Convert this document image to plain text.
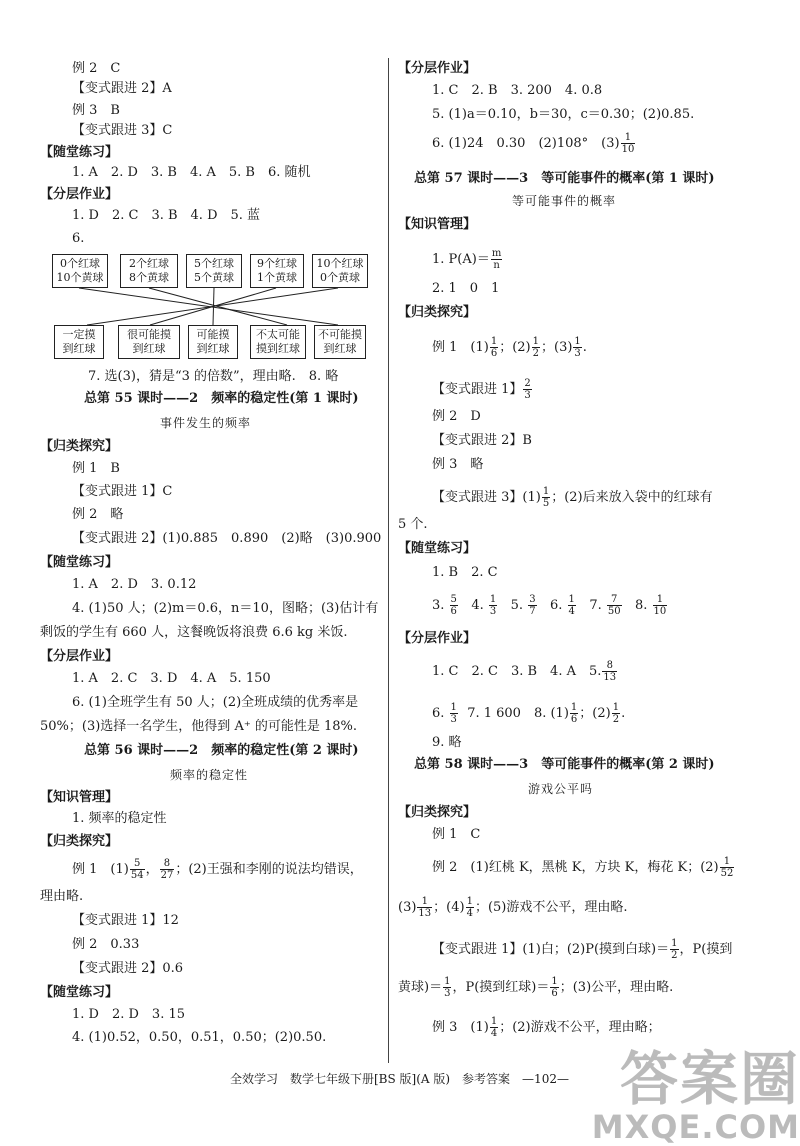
例 2　C
【变式跟进 2】A
例 3　B
【变式跟进 3】C
【随堂练习】
1. A　2. D　3. B　4. A　5. B　6. 随机
【分层作业】
1. D　2. C　3. B　4. D　5. 蓝
6.
0个红球
10个黄球
2个红球
8个黄球
5个红球
5个黄球
9个红球
1个黄球
10个红球
0个黄球
一定摸
到红球
很可能摸
到红球
可能摸
到红球
不太可能
摸到红球
不可能摸
到红球
7. 选(3)，猜是“3 的倍数”，理由略.　8. 略
总第 55 课时——2　频率的稳定性(第 1 课时)
事件发生的频率
【归类探究】
例 1　B
【变式跟进 1】C
例 2　略
【变式跟进 2】(1)0.885　0.890　(2)略　(3)0.900
【随堂练习】
1. A　2. D　3. 0.12
4. (1)50 人；(2)m＝0.6，n＝10，图略；(3)估计有
剩饭的学生有 660 人，这餐晚饭将浪费 6.6 kg 米饭.
【分层作业】
1. A　2. C　3. D　4. A　5. 150
6. (1)全班学生有 50 人；(2)全班成绩的优秀率是
50%；(3)选择一名学生，他得到 A⁺ 的可能性是 18%.
总第 56 课时——2　频率的稳定性(第 2 课时)
频率的稳定性
【知识管理】
1. 频率的稳定性
【归类探究】
例 1　$(1) \frac{5}{54}$ ， $\frac{8}{27}$ ；(2)王强和李刚的说法均错误，
理由略.
【变式跟进 1】12
例 2　0.33
【变式跟进 2】0.6
【随堂练习】
1. D　2. D　3. 15
4. (1)0.52，0.50，0.51，0.50；(2)0.50.
【分层作业】
1. C　2. B　3. 200　4. 0.8
5. (1)a＝0.10，b＝30，c＝0.30；(2)0.85.
6. (1)24　0.30　(2)108°　$(3) \frac{1}{10}$
总第 57 课时——3　等可能事件的概率(第 1 课时)
等可能事件的概率
【知识管理】
1. $P(A)= \frac{m}{n}$
2. 1　0　1
【归类探究】
例 1　$(1) \frac{1}{6}$ ；$(2) \frac{1}{2}$ ；$(3) \frac{1}{3}$ .
【变式跟进 1】 $\frac{2}{3}$
例 2　D
【变式跟进 2】B
例 3　略
【变式跟进 3】$(1) \frac{1}{5}$ ；(2)后来放入袋中的红球有
5 个.
【随堂练习】
1. B　2. C
3. $\frac{5}{6} 4$. $\frac{1}{3} 5$. $\frac{3}{7} 6$. $\frac{1}{4} 7$. $\frac{7}{50} 8$. $\frac{1}{10}$
【分层作业】
1. C　2. C　3. B　4. A　5. $\frac{8}{13}$
6. $\frac{1}{3} 7$. 1 600　8. $(1) \frac{1}{6}$ ；$(2) \frac{1}{2}$ .
9. 略
总第 58 课时——3　等可能事件的概率(第 2 课时)
游戏公平吗
【归类探究】
例 1　C
例 2　(1)红桃 K，黑桃 K，方块 K，梅花 K；$(2) \frac{1}{52}$
$(3) \frac{1}{13}$ ；$(4) \frac{1}{4}$ ；(5)游戏不公平，理由略.
【变式跟进 1】(1)白；(2)P(摸到白球)＝ $\frac{1}{2}$ ，P(摸到
黄球)＝ $\frac{1}{3}$ ，P(摸到红球)＝ $\frac{1}{6}$ ；(3)公平，理由略.
例 3　$(1) \frac{1}{4}$ ；(2)游戏不公平，理由略；
全效学习　数学七年级下册[BS 版](A 版)　参考答案　—102— 答案圈
MXQE.COM
